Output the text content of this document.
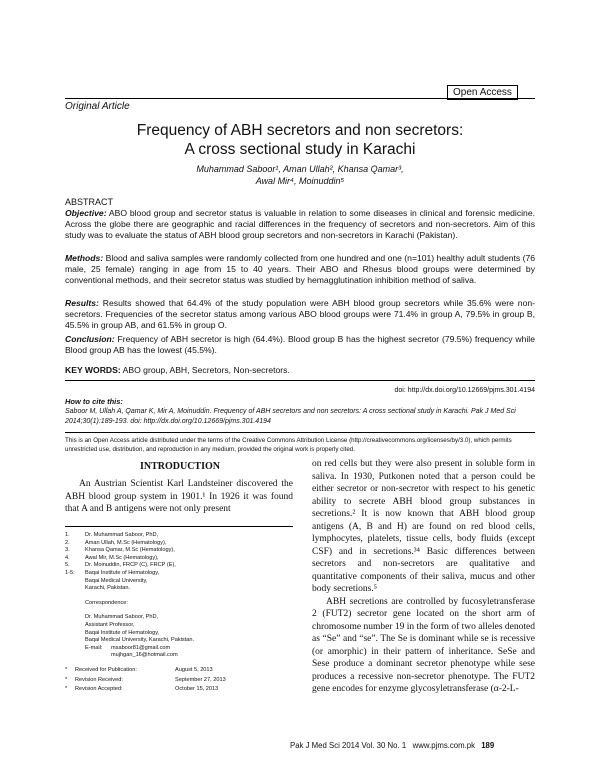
Open Access
Original Article
Frequency of ABH secretors and non secretors:
A cross sectional study in Karachi
Muhammad Saboor¹, Aman Ullah², Khansa Qamar³,
Awal Mir⁴, Moinuddin⁵
ABSTRACT
Objective: ABO blood group and secretor status is valuable in relation to some diseases in clinical and forensic medicine. Across the globe there are geographic and racial differences in the frequency of secretors and non-secretors. Aim of this study was to evaluate the status of ABH blood group secretors and non-secretors in Karachi (Pakistan).
Methods: Blood and saliva samples were randomly collected from one hundred and one (n=101) healthy adult students (76 male, 25 female) ranging in age from 15 to 40 years. Their ABO and Rhesus blood groups were determined by conventional methods, and their secretor status was studied by hemagglutination inhibition method of saliva.
Results: Results showed that 64.4% of the study population were ABH blood group secretors while 35.6% were non-secretors. Frequencies of the secretor status among various ABO blood groups were 71.4% in group A, 79.5% in group B, 45.5% in group AB, and 61.5% in group O.
Conclusion: Frequency of ABH secretor is high (64.4%). Blood group B has the highest secretor (79.5%) frequency while Blood group AB has the lowest (45.5%).
KEY WORDS: ABO group, ABH, Secretors, Non-secretors.
doi: http://dx.doi.org/10.12669/pjms.301.4194
How to cite this:
Saboor M, Ullah A, Qamar K, Mir A, Moinuddin. Frequency of ABH secretors and non secretors: A cross sectional study in Karachi. Pak J Med Sci 2014;30(1):189-193. doi: http://dx.doi.org/10.12669/pjms.301.4194
This is an Open Access article distributed under the terms of the Creative Commons Attribution License (http://creativecommons.org/licenses/by/3.0), which permits unrestricted use, distribution, and reproduction in any medium, provided the original work is properly cited.
INTRODUCTION

An Austrian Scientist Karl Landsteiner discovered the ABH blood group system in 1901.¹ In 1926 it was found that A and B antigens were not only present

1.	Dr. Muhammad Saboor, PhD,
2.	Aman Ullah, M.Sc (Hematology),
3.	Khansa Qamar, M.Sc (Hematology),
4.	Awal Mir, M.Sc (Hematology),
5.	Dr. Moinuddin, FRCP (C), FRCP (E),
1-5:	Baqai Institute of Hematology,
Baqai Medical University,
Karachi, Pakistan.
Correspondence:
Dr. Muhammad Saboor, PhD,
Assistant Professor,
Baqai Institute of Hematology,
Baqai Medical University, Karachi, Pakistan.
E-mail:	msaboor81@gmail.com
mujhgan_16@hotmail.com
*	Received for Publication:	August 5, 2013
*	Revision Received:	September 27, 2013
*	Revision Accepted:	October 15, 2013

on red cells but they were also present in soluble form in saliva. In 1930, Putkonen noted that a person could be either secretor or non-secretor with respect to his genetic ability to secrete ABH blood group substances in secretions.² It is now known that ABH blood group antigens (A, B and H) are found on red blood cells, lymphocytes, platelets, tissue cells, body fluids (except CSF) and in secretions.³⁴ Basic differences between secretors and non-secretors are qualitative and quantitative components of their saliva, mucus and other body secretions.⁵

ABH secretions are controlled by fucosyletransferase 2 (FUT2) secretor gene located on the short arm of chromosome number 19 in the form of two alleles denoted as “Se” and “se”. The Se is dominant while se is recessive (or amorphic) in their pattern of inheritance. SeSe and Sese produce a dominant secretor phenotype while sese produces a recessive non-secretor phenotype. The FUT2 gene encodes for enzyme glycosyletransferase (α-2-L-

Pak J Med Sci 2014 Vol. 30 No. 1 www.pjms.com.pk 189
